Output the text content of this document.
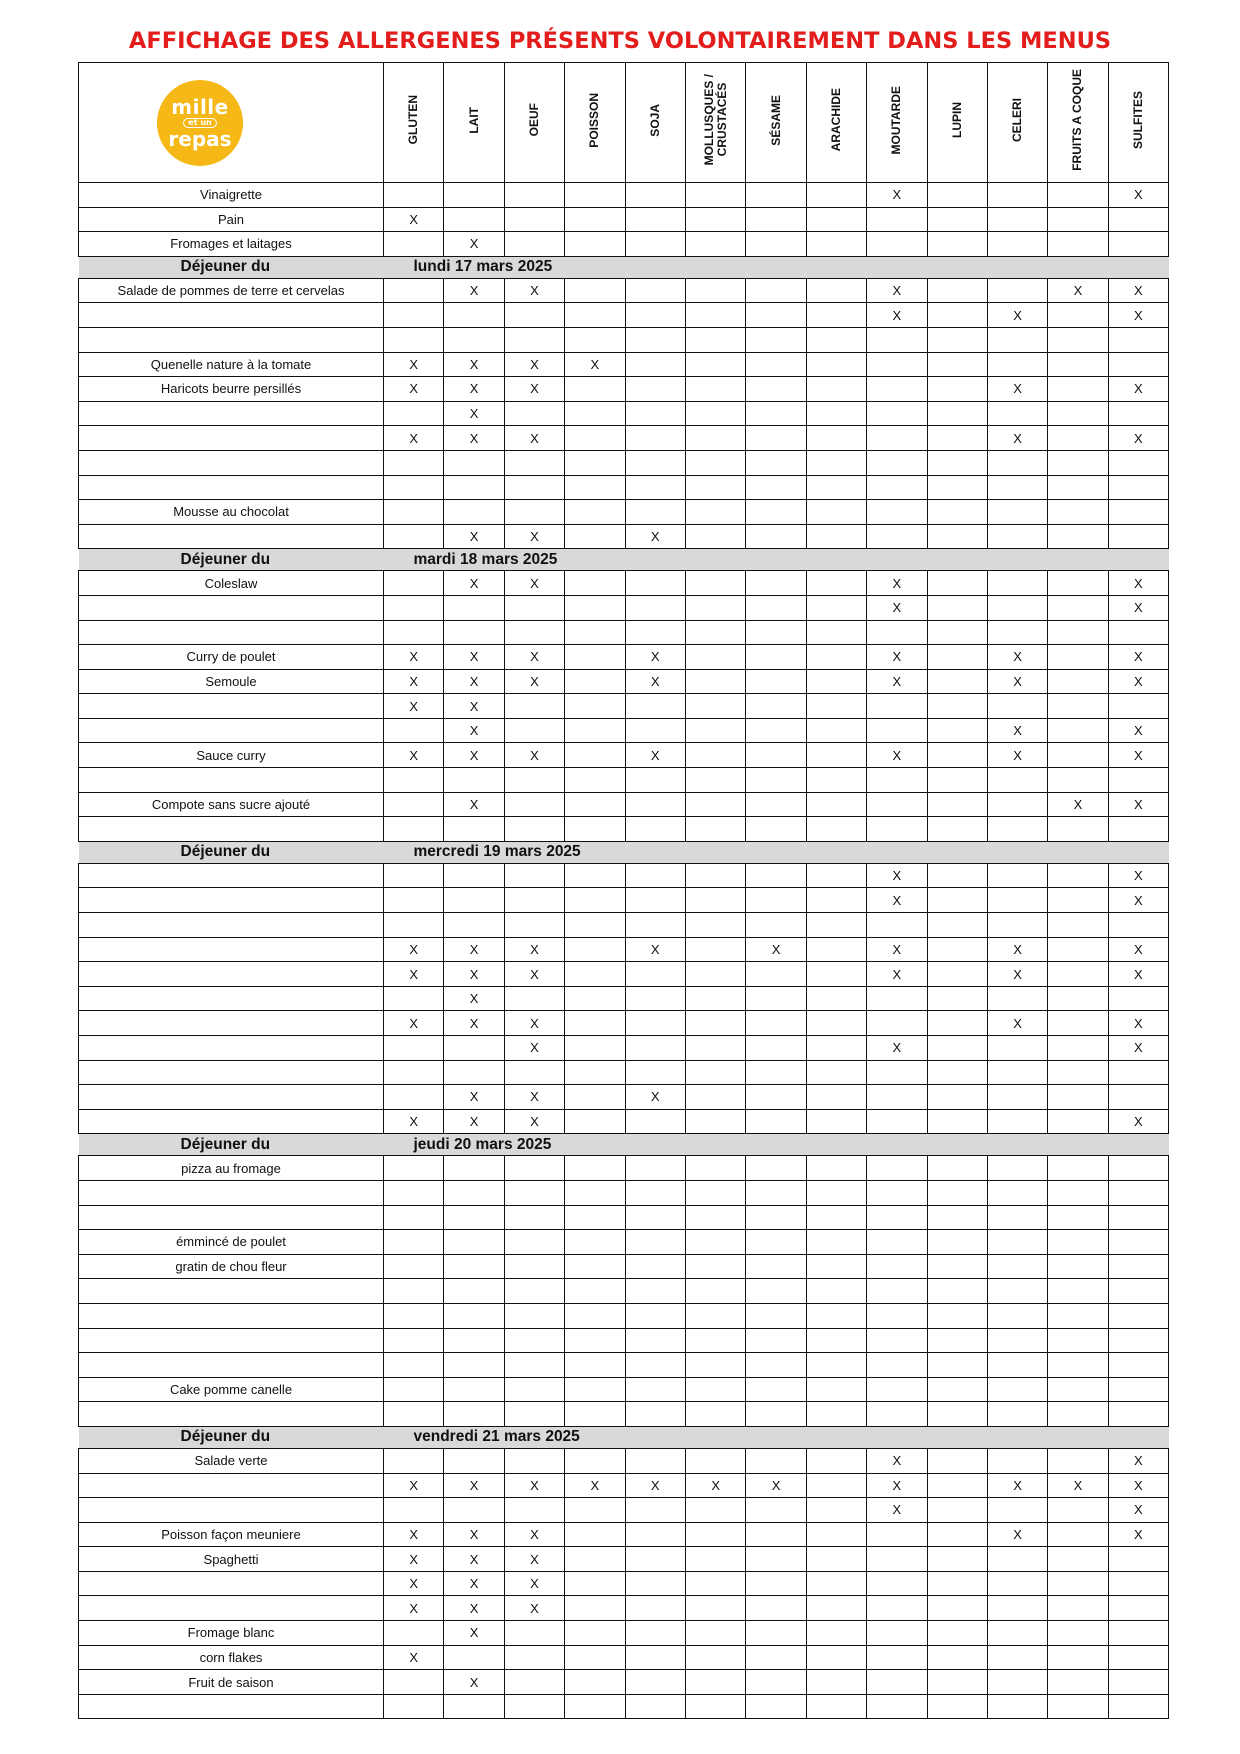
AFFICHAGE DES ALLERGENES PRÉSENTS VOLONTAIREMENT DANS LES MENUS
mille
et un
repas	GLUTEN	LAIT	OEUF	POISSON	SOJA	MOLLUSQUES /
CRUSTACÉS	SÉSAME	ARACHIDE	MOUTARDE	LUPIN	CELERI	FRUITS A COQUE	SULFITES
Vinaigrette									X				X
Pain	X												
Fromages et laitages		X											
Déjeuner du	lundi 17 mars 2025												
Salade de pommes de terre et cervelas		X	X						X			X	X
									X		X		X

Quenelle nature à la tomate	X	X	X	X									
Haricots beurre persillés	X	X	X								X		X
		X											
	X	X	X								X		X

Mousse au chocolat													
		X	X		X								
Déjeuner du	mardi 18 mars 2025												
Coleslaw		X	X						X				X
									X				X

Curry de poulet	X	X	X		X				X		X		X
Semoule	X	X	X		X				X		X		X
	X	X											
		X									X		X
Sauce curry	X	X	X		X				X		X		X

Compote sans sucre ajouté		X										X	X

Déjeuner du	mercredi 19 mars 2025												
									X				X
									X				X

	X	X	X		X		X		X		X		X
	X	X	X						X		X		X
		X											
	X	X	X								X		X
			X						X				X

		X	X		X								
	X	X	X										X
Déjeuner du	jeudi 20 mars 2025												
pizza au fromage													

émmincé de poulet													
gratin de chou fleur													

Cake pomme canelle													

Déjeuner du	vendredi 21 mars 2025												
Salade verte									X				X
	X	X	X	X	X	X	X		X		X	X	X
									X				X
Poisson façon meuniere	X	X	X								X		X
Spaghetti	X	X	X										
	X	X	X										
	X	X	X										
Fromage blanc		X											
corn flakes	X												
Fruit de saison		X											
